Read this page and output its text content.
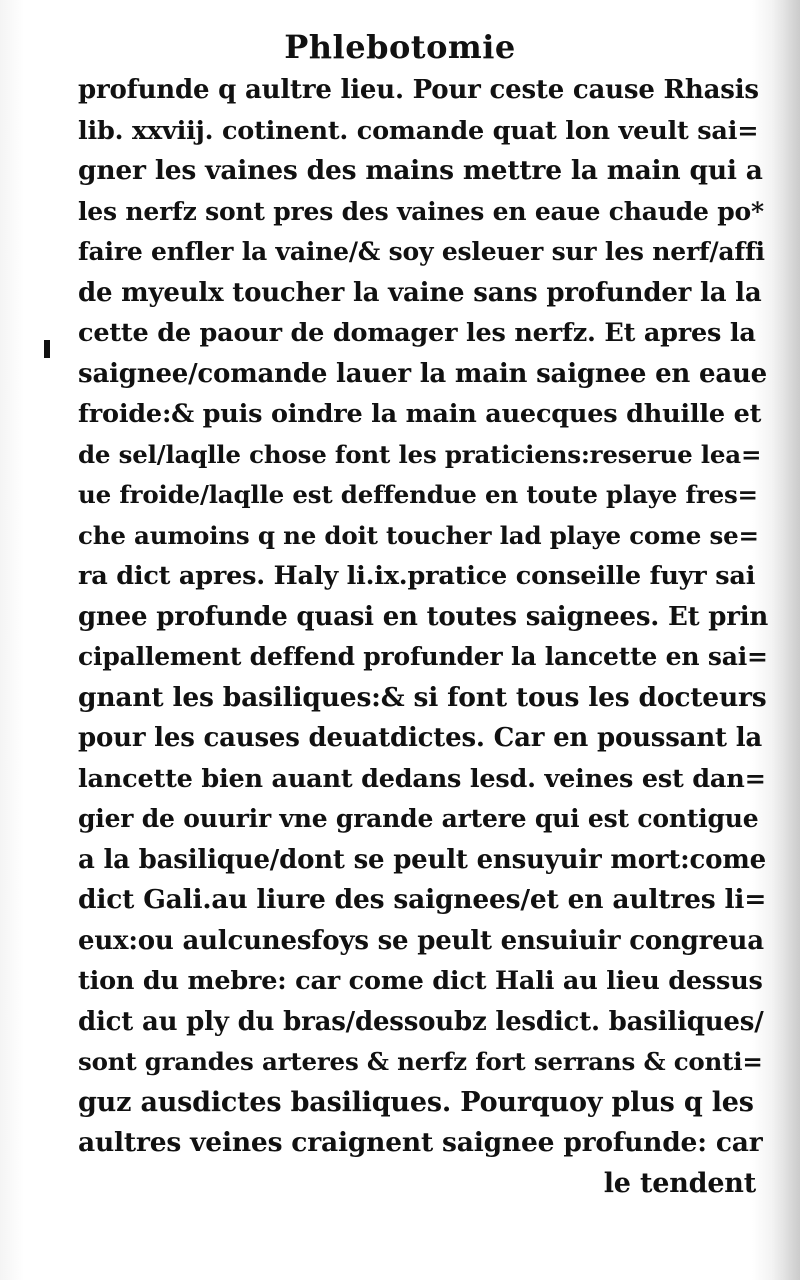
Phlebotomie
profunde q aultre lieu. Pour ceste cause Rhasis
lib. xxviij. cotinent. comande quat lon veult sai=
gner les vaines des mains mettre la main qui a
les nerfz sont pres des vaines en eaue chaude po*
faire enfler la vaine/& soy esleuer sur les nerf/affi
de myeulx toucher la vaine sans profunder la la
cette de paour de domager les nerfz. Et apres la
saignee/comande lauer la main saignee en eaue
froide:& puis oindre la main auecques dhuille et
de sel/laqlle chose font les praticiens:reserue lea=
ue froide/laqlle est deffendue en toute playe fres=
che aumoins q ne doit toucher lad playe come se=
ra dict apres. Haly li.ix.pratice conseille fuyr sai
gnee profunde quasi en toutes saignees. Et prin
cipallement deffend profunder la lancette en sai=
gnant les basiliques:& si font tous les docteurs
pour les causes deuatdictes. Car en poussant la
lancette bien auant dedans lesd. veines est dan=
gier de ouurir vne grande artere qui est contigue
a la basilique/dont se peult ensuyuir mort:come
dict Gali.au liure des saignees/et en aultres li=
eux:ou aulcunesfoys se peult ensuiuir congreua
tion du mebre: car come dict Hali au lieu dessus
dict au ply du bras/dessoubz lesdict. basiliques/
sont grandes arteres & nerfz fort serrans & conti=
guz ausdictes basiliques. Pourquoy plus q les
aultres veines craignent saignee profunde: car
le tendent
